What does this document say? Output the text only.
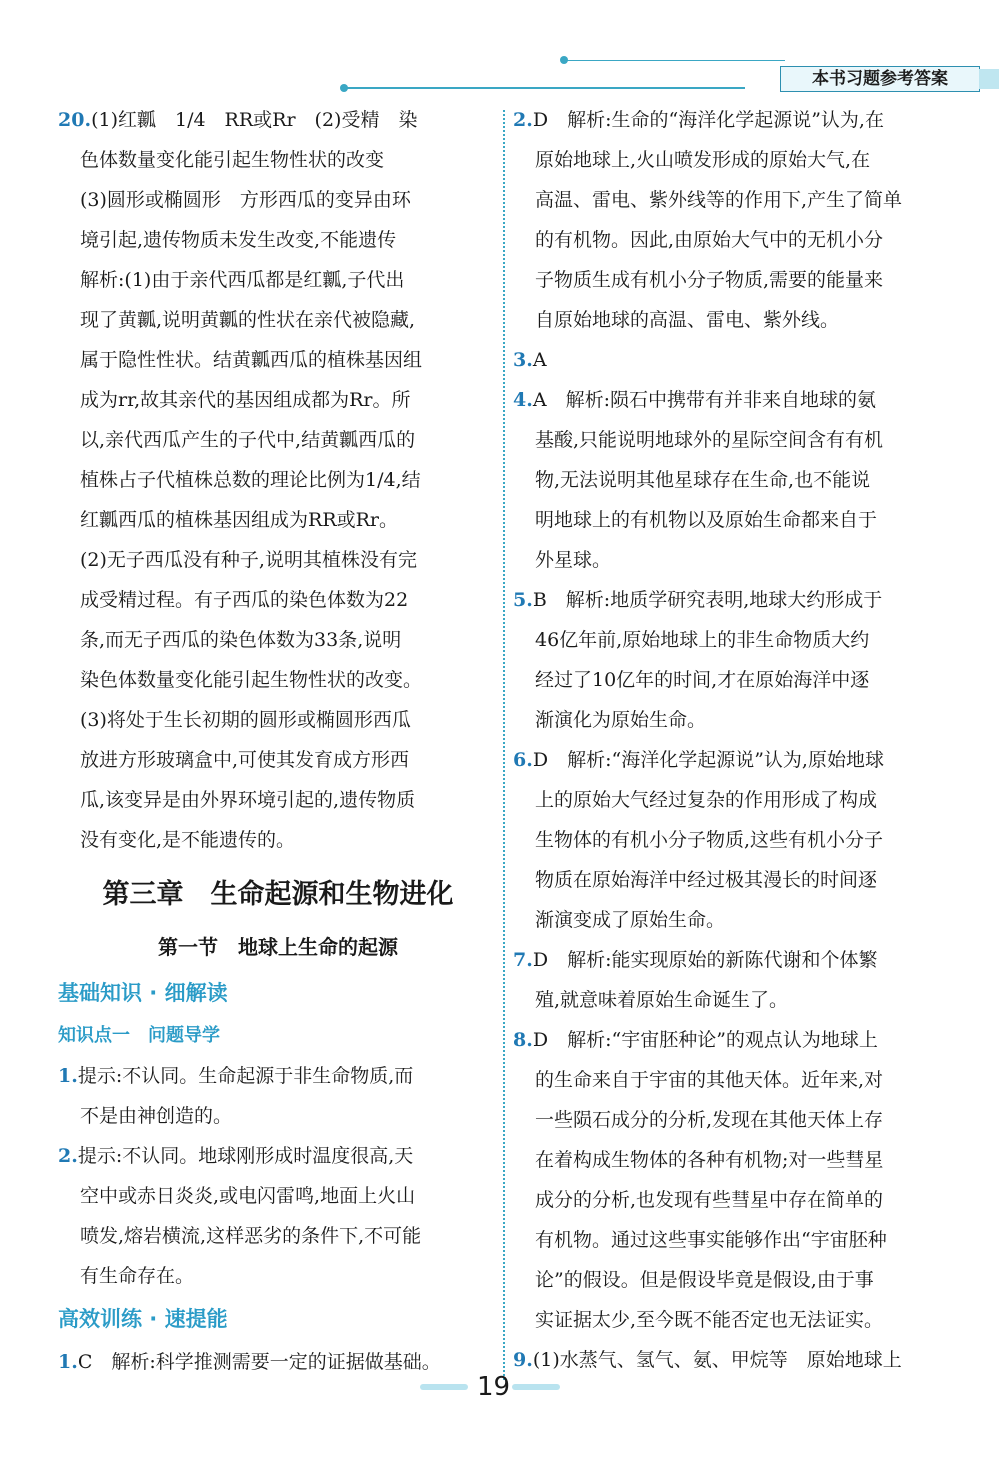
本书习题参考答案
20.(1)红瓤　1/4　RR或Rr　(2)受精　染
色体数量变化能引起生物性状的改变
(3)圆形或椭圆形　方形西瓜的变异由环
境引起,遗传物质未发生改变,不能遗传
解析:(1)由于亲代西瓜都是红瓤,子代出
现了黄瓤,说明黄瓤的性状在亲代被隐藏,
属于隐性性状。结黄瓤西瓜的植株基因组
成为rr,故其亲代的基因组成都为Rr。所
以,亲代西瓜产生的子代中,结黄瓤西瓜的
植株占子代植株总数的理论比例为1/4,结
红瓤西瓜的植株基因组成为RR或Rr。
(2)无子西瓜没有种子,说明其植株没有完
成受精过程。有子西瓜的染色体数为22
条,而无子西瓜的染色体数为33条,说明
染色体数量变化能引起生物性状的改变。
(3)将处于生长初期的圆形或椭圆形西瓜
放进方形玻璃盒中,可使其发育成方形西
瓜,该变异是由外界环境引起的,遗传物质
没有变化,是不能遗传的。
第三章　生命起源和生物进化
第一节　地球上生命的起源
基础知识 · 细解读
知识点一　问题导学
1.提示:不认同。生命起源于非生命物质,而
不是由神创造的。
2.提示:不认同。地球刚形成时温度很高,天
空中或赤日炎炎,或电闪雷鸣,地面上火山
喷发,熔岩横流,这样恶劣的条件下,不可能
有生命存在。
高效训练 · 速提能
1.C　解析:科学推测需要一定的证据做基础。
2.D　解析:生命的“海洋化学起源说”认为,在
原始地球上,火山喷发形成的原始大气,在
高温、雷电、紫外线等的作用下,产生了简单
的有机物。因此,由原始大气中的无机小分
子物质生成有机小分子物质,需要的能量来
自原始地球的高温、雷电、紫外线。
3.A
4.A　解析:陨石中携带有并非来自地球的氨
基酸,只能说明地球外的星际空间含有有机
物,无法说明其他星球存在生命,也不能说
明地球上的有机物以及原始生命都来自于
外星球。
5.B　解析:地质学研究表明,地球大约形成于
46亿年前,原始地球上的非生命物质大约
经过了10亿年的时间,才在原始海洋中逐
渐演化为原始生命。
6.D　解析:“海洋化学起源说”认为,原始地球
上的原始大气经过复杂的作用形成了构成
生物体的有机小分子物质,这些有机小分子
物质在原始海洋中经过极其漫长的时间逐
渐演变成了原始生命。
7.D　解析:能实现原始的新陈代谢和个体繁
殖,就意味着原始生命诞生了。
8.D　解析:“宇宙胚种论”的观点认为地球上
的生命来自于宇宙的其他天体。近年来,对
一些陨石成分的分析,发现在其他天体上存
在着构成生物体的各种有机物;对一些彗星
成分的分析,也发现有些彗星中存在简单的
有机物。通过这些事实能够作出“宇宙胚种
论”的假设。但是假设毕竟是假设,由于事
实证据太少,至今既不能否定也无法证实。
9.(1)水蒸气、氢气、氨、甲烷等　原始地球上
19
